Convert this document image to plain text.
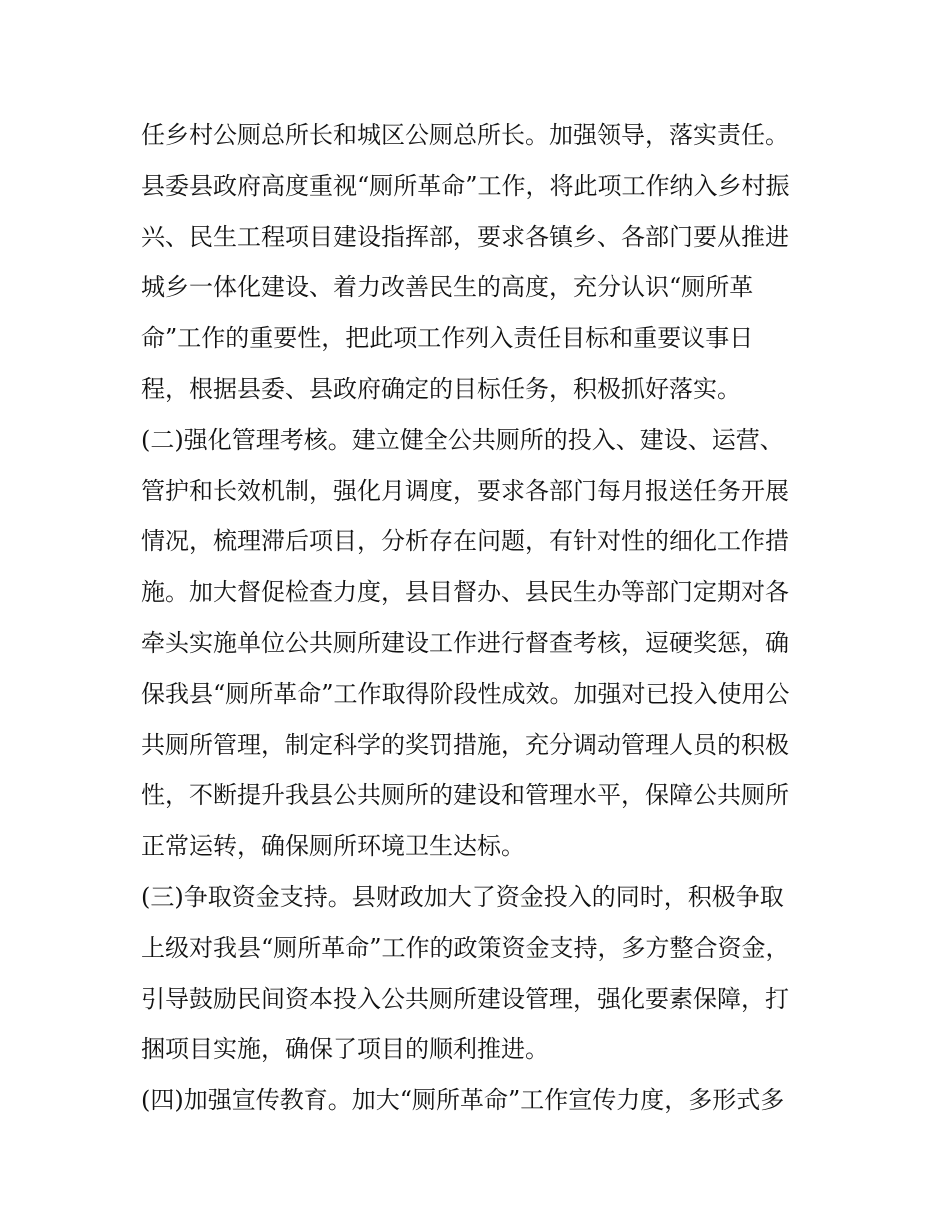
任乡村公厕总所长和城区公厕总所长。加强领导，落实责任。
县委县政府高度重视“厕所革命”工作，将此项工作纳入乡村振
兴、民生工程项目建设指挥部，要求各镇乡、各部门要从推进
城乡一体化建设、着力改善民生的高度，充分认识“厕所革
命”工作的重要性，把此项工作列入责任目标和重要议事日
程，根据县委、县政府确定的目标任务，积极抓好落实。
(二)强化管理考核。建立健全公共厕所的投入、建设、运营、
管护和长效机制，强化月调度，要求各部门每月报送任务开展
情况，梳理滞后项目，分析存在问题，有针对性的细化工作措
施。加大督促检查力度，县目督办、县民生办等部门定期对各
牵头实施单位公共厕所建设工作进行督查考核，逗硬奖惩，确
保我县“厕所革命”工作取得阶段性成效。加强对已投入使用公
共厕所管理，制定科学的奖罚措施，充分调动管理人员的积极
性，不断提升我县公共厕所的建设和管理水平，保障公共厕所
正常运转，确保厕所环境卫生达标。
(三)争取资金支持。县财政加大了资金投入的同时，积极争取
上级对我县“厕所革命”工作的政策资金支持，多方整合资金，
引导鼓励民间资本投入公共厕所建设管理，强化要素保障，打
捆项目实施，确保了项目的顺利推进。
(四)加强宣传教育。加大“厕所革命”工作宣传力度，多形式多
